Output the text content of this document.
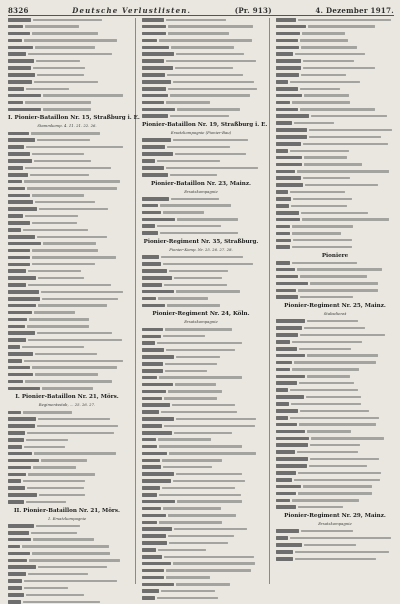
8326	Deutsche Verlustlisten.	(Pr. 913)	4. Dezember 1917.
I. Pionier-Bataillon Nr. 15, Straßburg i. E.
Stammkomp. 4. 11. 21. 22. 26.
I. Pionier-Bataillon Nr. 21, Mörs.
Regimentsstab, ... 25. 26. 27.
II. Pionier-Bataillon Nr. 21, Mörs.
1. Ersatzkompagnie
Pionier-Bataillon Nr. 19, Straßburg i. E.
Ersatzkompagnie (Pionier-Bau)
Pionier-Bataillon Nr. 23, Mainz.
Ersatzkompagnie
Pionier-Regiment Nr. 35, Straßburg.
Pionier-Komp. Nr. 25. 26. 27. 28.
Pionier-Regiment Nr. 24, Köln.
Ersatzkompagnie
Pioniere
Pionier-Regiment Nr. 25, Mainz.
Stabsdienst
Pionier-Regiment Nr. 29, Mainz.
Ersatzkompagnie
